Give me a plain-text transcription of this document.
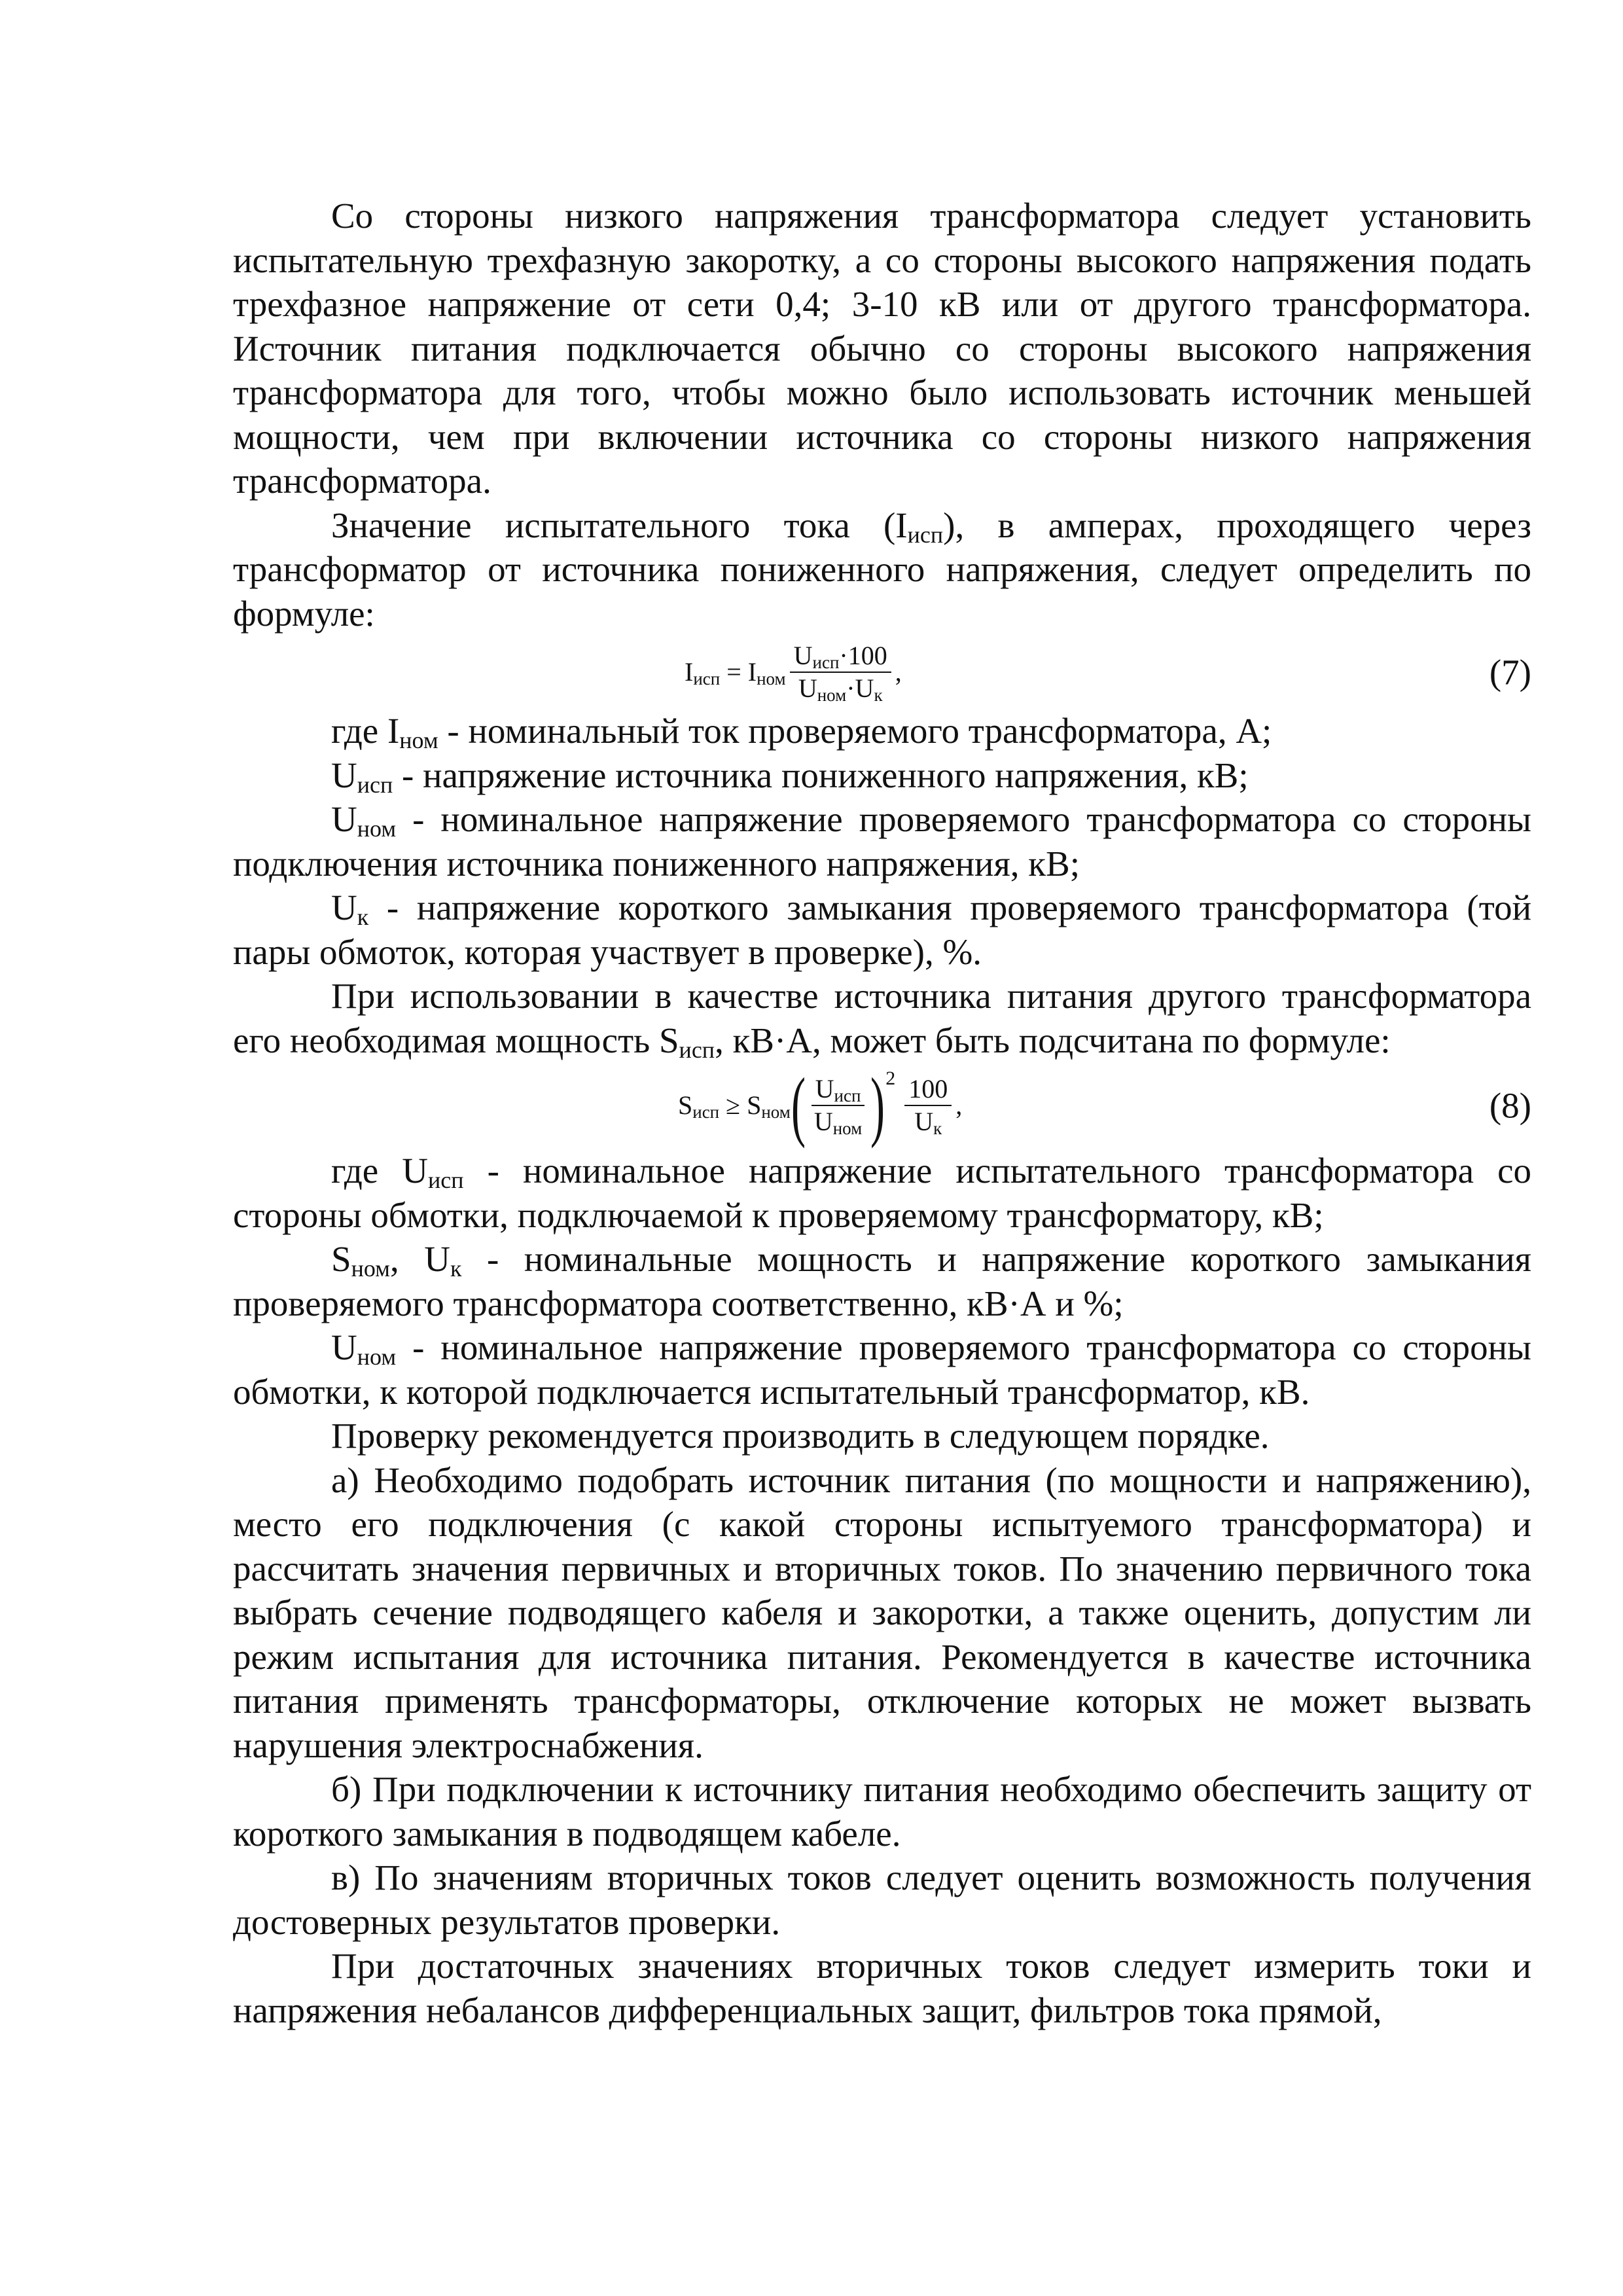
Со стороны низкого напряжения трансформатора следует установить испытательную трехфазную закоротку, а со стороны высокого напряжения подать трехфазное напряжение от сети 0,4; 3-10 кВ или от другого трансформатора. Источник питания подключается обычно со стороны высокого напряжения трансформатора для того, чтобы можно было использовать источник меньшей мощности, чем при включении источника со стороны низкого напряжения трансформатора.

Значение испытательного тока $(I_{исп})$, в амперах, проходящего через трансформатор от источника пониженного напряжения, следует определить по формуле:

$I_{исп} = I_{ном} \frac{U_{исп}\cdot 100}{U_{ном}\cdot U_к}$ ,	(7)

где $I_{ном}$ - номинальный ток проверяемого трансформатора, А;

$U_{исп}$ - напряжение источника пониженного напряжения, кВ;

$U_{ном}$ - номинальное напряжение проверяемого трансформатора со стороны подключения источника пониженного напряжения, кВ;

$U_к$ - напряжение короткого замыкания проверяемого трансформатора (той пары обмоток, которая участвует в проверке), %.

При использовании в качестве источника питания другого трансформатора его необходимая мощность $S_{исп}$, кВ·А, может быть подсчитана по формуле:

$S_{исп} \ge S_{ном}$ ( $\frac{U_{исп}}{U_{ном}}$ ) $2 \frac{100}{U_к}$ ,	(8)

где $U_{исп}$ - номинальное напряжение испытательного трансформатора со стороны обмотки, подключаемой к проверяемому трансформатору, кВ;

$S_{ном}$, $U_к$ - номинальные мощность и напряжение короткого замыкания проверяемого трансформатора соответственно, кВ·А и %;

$U_{ном}$ - номинальное напряжение проверяемого трансформатора со стороны обмотки, к которой подключается испытательный трансформатор, кВ.

Проверку рекомендуется производить в следующем порядке.

а) Необходимо подобрать источник питания (по мощности и напряжению), место его подключения (с какой стороны испытуемого трансформатора) и рассчитать значения первичных и вторичных токов. По значению первичного тока выбрать сечение подводящего кабеля и закоротки, а также оценить, допустим ли режим испытания для источника питания. Рекомендуется в качестве источника питания применять трансформаторы, отключение которых не может вызвать нарушения электроснабжения.

б) При подключении к источнику питания необходимо обеспечить защиту от короткого замыкания в подводящем кабеле.

в) По значениям вторичных токов следует оценить возможность получения достоверных результатов проверки.

При достаточных значениях вторичных токов следует измерить токи и напряжения небалансов дифференциальных защит, фильтров тока прямой,
